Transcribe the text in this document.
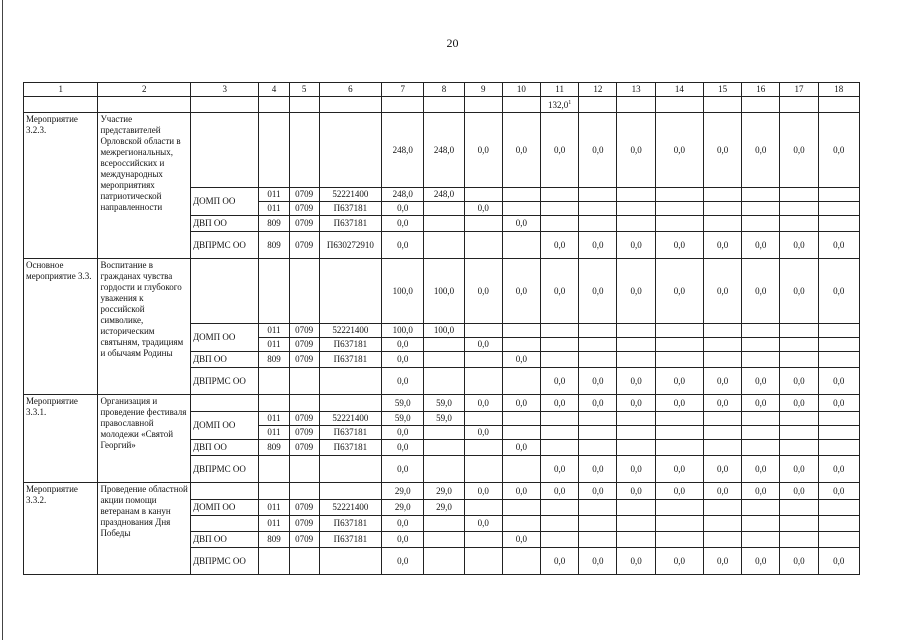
20
1	2	3	4	5	6	7	8	9	10	11	12	13	14	15	16	17	18
										132,0$^1$							
Мероприятие 3.2.3.	Участие представителей Орловской области в межрегиональных, всероссийских и международных мероприятиях патриотической направленности					248,0	248,0	0,0	0,0	0,0	0,0	0,0	0,0	0,0	0,0	0,0	0,0
		ДОМП ОО	011	0709	52221400	248,0	248,0										
			011	0709	П637181	0,0		0,0									
		ДВП ОО	809	0709	П637181	0,0			0,0								
		ДВПРМС ОО	809	0709	П630272910	0,0				0,0	0,0	0,0	0,0	0,0	0,0	0,0	0,0
Основное мероприятие 3.3.	Воспитание в гражданах чувства гордости и глубокого уважения к российской символике, историческим святыням, традициям и обычаям Родины					100,0	100,0	0,0	0,0	0,0	0,0	0,0	0,0	0,0	0,0	0,0	0,0
		ДОМП ОО	011	0709	52221400	100,0	100,0										
			011	0709	П637181	0,0		0,0									
		ДВП ОО	809	0709	П637181	0,0			0,0								
		ДВПРМС ОО				0,0				0,0	0,0	0,0	0,0	0,0	0,0	0,0	0,0
Мероприятие 3.3.1.	Организация и проведение фестиваля православной молодежи «Святой Георгий»					59,0	59,0	0,0	0,0	0,0	0,0	0,0	0,0	0,0	0,0	0,0	0,0
		ДОМП ОО	011	0709	52221400	59,0	59,0										
			011	0709	П637181	0,0		0,0									
		ДВП ОО	809	0709	П637181	0,0			0,0								
		ДВПРМС ОО				0,0				0,0	0,0	0,0	0,0	0,0	0,0	0,0	0,0
Мероприятие 3.3.2.	Проведение областной акции помощи ветеранам в канун празднования Дня Победы					29,0	29,0	0,0	0,0	0,0	0,0	0,0	0,0	0,0	0,0	0,0	0,0
		ДОМП ОО	011	0709	52221400	29,0	29,0										
			011	0709	П637181	0,0		0,0									
		ДВП ОО	809	0709	П637181	0,0			0,0								
		ДВПРМС ОО				0,0				0,0	0,0	0,0	0,0	0,0	0,0	0,0	0,0
